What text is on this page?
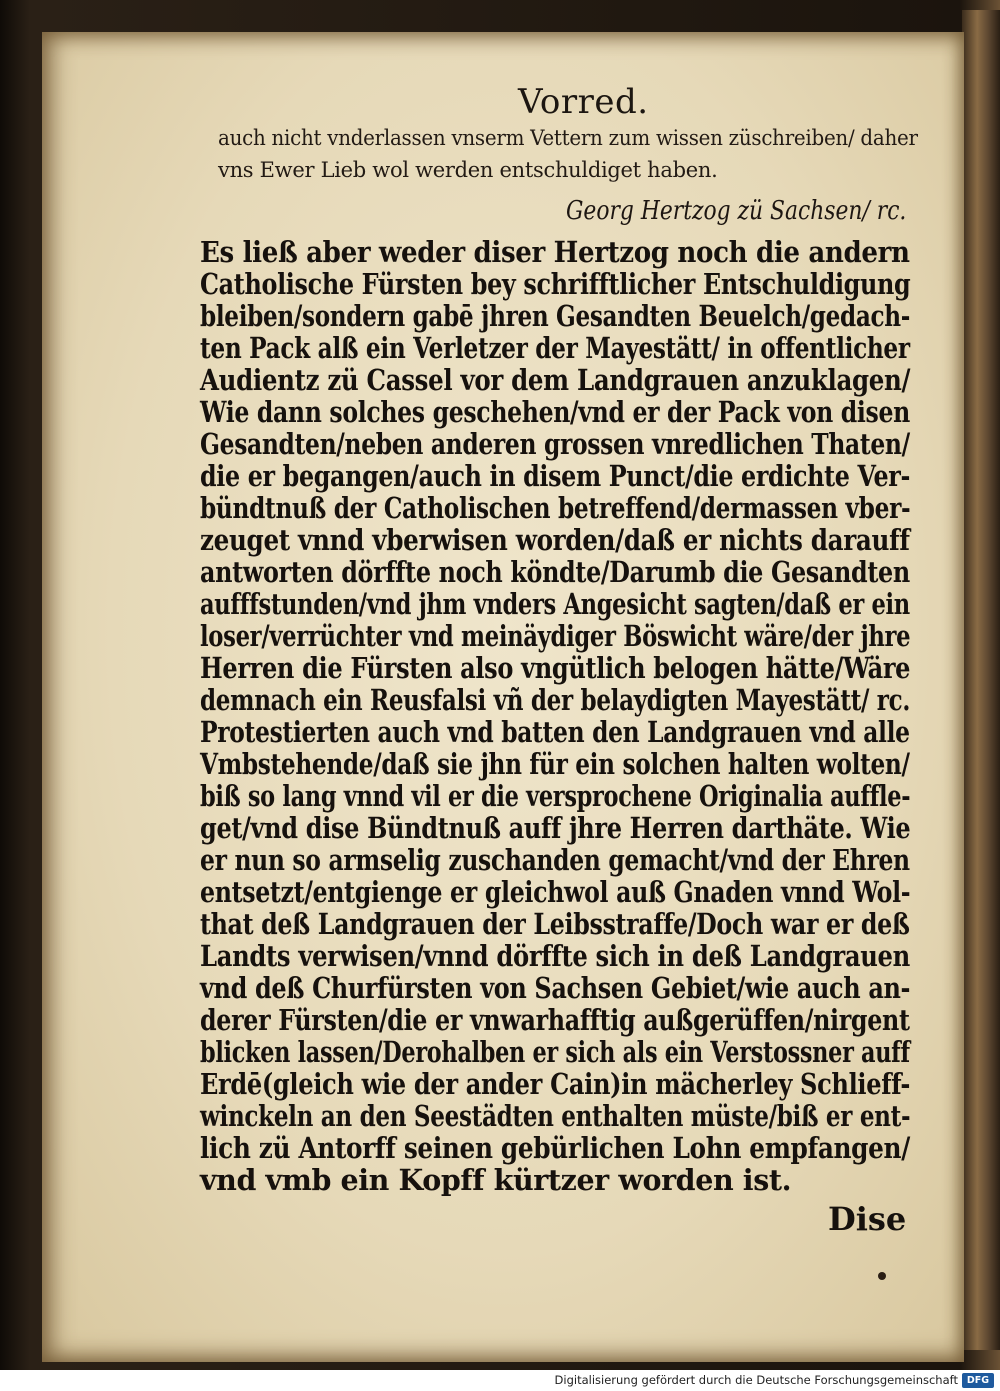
Vorred.
auch nicht vnderlassen vnserm Vettern zum wissen züschreiben/ daher
vns Ewer Lieb wol werden entschuldiget haben.
Georg Hertzog zü Sachsen/ rc.
Es ließ aber weder diser Hertzog noch die andern
Catholische Fürsten bey schrifftlicher Entschuldigung
bleiben/sondern gabē jhren Gesandten Beuelch/gedach-
ten Pack alß ein Verletzer der Mayestätt/ in offentlicher
Audientz zü Cassel vor dem Landgrauen anzuklagen/
Wie dann solches geschehen/vnd er der Pack von disen
Gesandten/neben anderen grossen vnredlichen Thaten/
die er begangen/auch in disem Punct/die erdichte Ver-
bündtnuß der Catholischen betreffend/dermassen vber-
zeuget vnnd vberwisen worden/daß er nichts darauff
antworten dörffte noch köndte/Darumb die Gesandten
aufffstunden/vnd jhm vnders Angesicht sagten/daß er ein
loser/verrüchter vnd meinäydiger Böswicht wäre/der jhre
Herren die Fürsten also vngütlich belogen hätte/Wäre
demnach ein Reusfalsi vñ der belaydigten Mayestätt/ rc.
Protestierten auch vnd batten den Landgrauen vnd alle
Vmbstehende/daß sie jhn für ein solchen halten wolten/
biß so lang vnnd vil er die versprochene Originalia auffle-
get/vnd dise Bündtnuß auff jhre Herren darthäte. Wie
er nun so armselig zuschanden gemacht/vnd der Ehren
entsetzt/entgienge er gleichwol auß Gnaden vnnd Wol-
that deß Landgrauen der Leibsstraffe/Doch war er deß
Landts verwisen/vnnd dörffte sich in deß Landgrauen
vnd deß Churfürsten von Sachsen Gebiet/wie auch an-
derer Fürsten/die er vnwarhafftig außgerüffen/nirgent
blicken lassen/Derohalben er sich als ein Verstossner auff
Erdē(gleich wie der ander Cain)in mächerley Schlieff-
winckeln an den Seestädten enthalten müste/biß er ent-
lich zü Antorff seinen gebürlichen Lohn empfangen/
vnd vmb ein Kopff kürtzer worden ist.
Dise
Digitalisierung gefördert durch die Deutsche Forschungsgemeinschaft DFG
